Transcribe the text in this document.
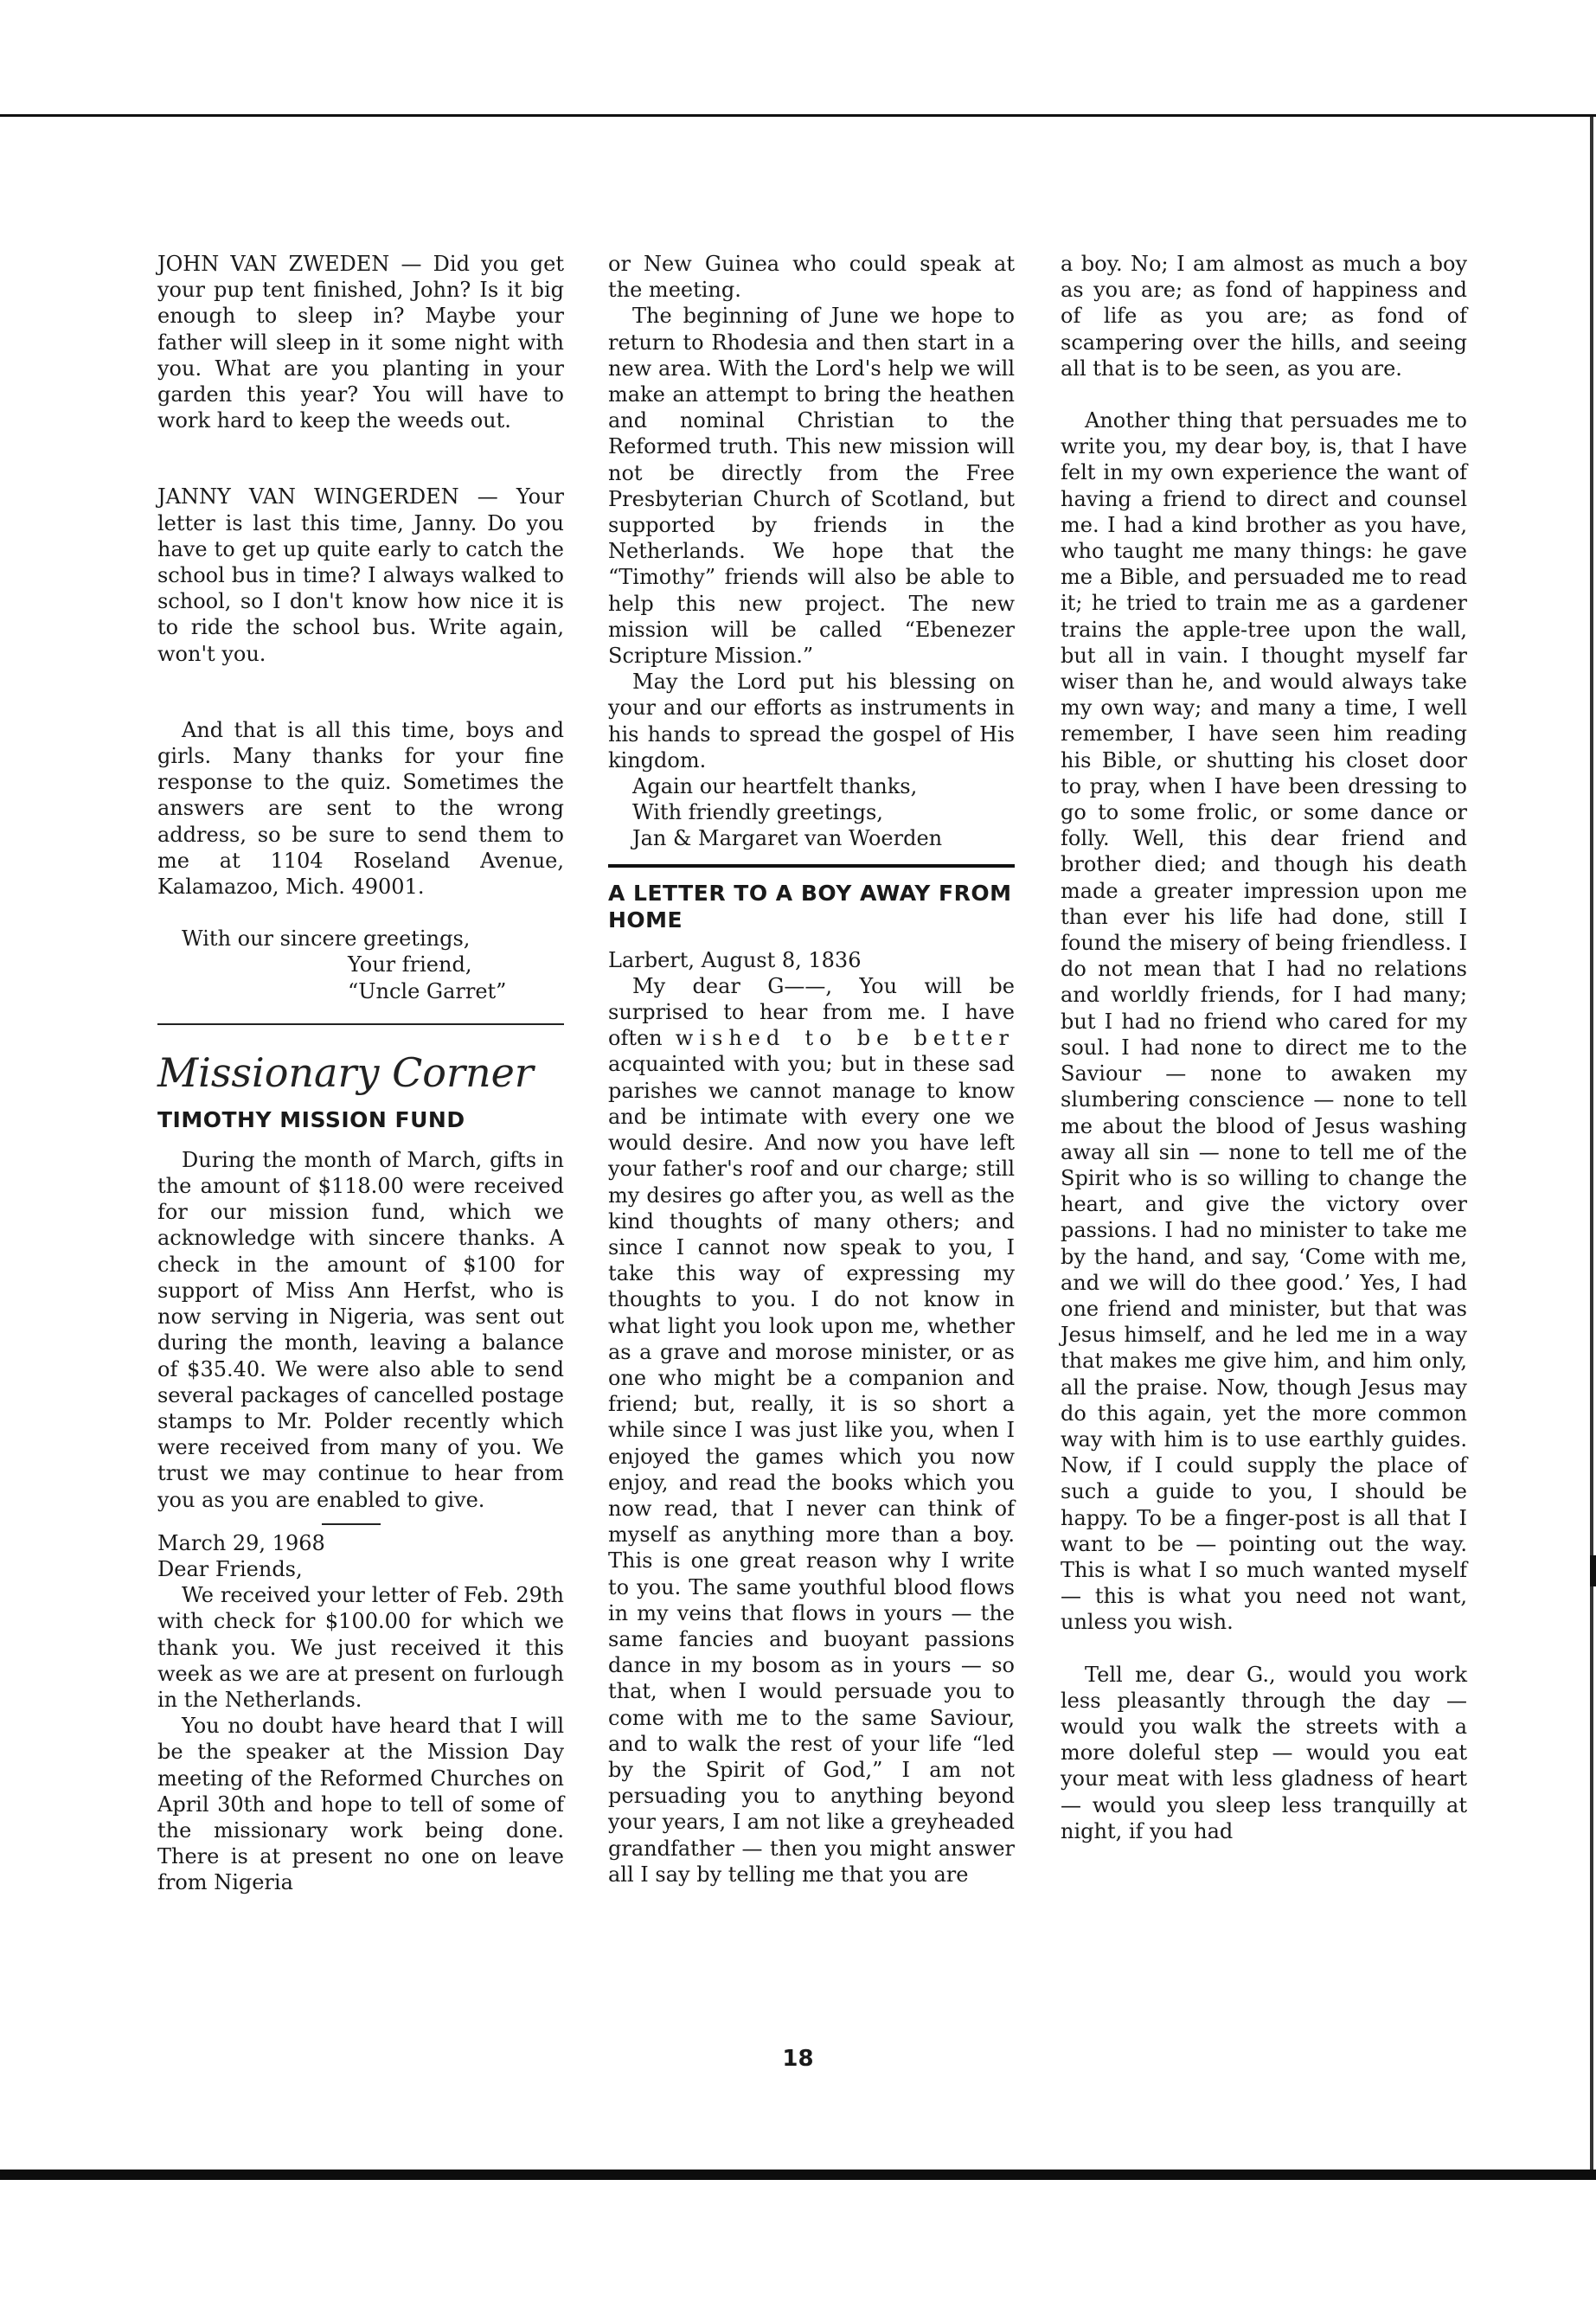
JOHN VAN ZWEDEN — Did you get your pup tent finished, John? Is it big enough to sleep in? Maybe your father will sleep in it some night with you. What are you planting in your garden this year? You will have to work hard to keep the weeds out.

JANNY VAN WINGERDEN — Your letter is last this time, Janny. Do you have to get up quite early to catch the school bus in time? I always walked to school, so I don't know how nice it is to ride the school bus. Write again, won't you.

And that is all this time, boys and girls. Many thanks for your fine response to the quiz. Sometimes the answers are sent to the wrong address, so be sure to send them to me at 1104 Roseland Avenue, Kalamazoo, Mich. 49001.

With our sincere greetings,

Your friend,

“Uncle Garret”

Missionary Corner
TIMOTHY MISSION FUND

During the month of March, gifts in the amount of $118.00 were received for our mission fund, which we acknowledge with sincere thanks. A check in the amount of $100 for support of Miss Ann Herfst, who is now serving in Nigeria, was sent out during the month, leaving a balance of $35.40. We were also able to send several packages of cancelled postage stamps to Mr. Polder recently which were received from many of you. We trust we may continue to hear from you as you are enabled to give.

March 29, 1968

Dear Friends,

We received your letter of Feb. 29th with check for $100.00 for which we thank you. We just received it this week as we are at present on furlough in the Netherlands.

You no doubt have heard that I will be the speaker at the Mission Day meeting of the Reformed Churches on April 30th and hope to tell of some of the missionary work being done. There is at present no one on leave from Nigeria

or New Guinea who could speak at the meeting.

The beginning of June we hope to return to Rhodesia and then start in a new area. With the Lord's help we will make an attempt to bring the heathen and nominal Christian to the Reformed truth. This new mission will not be directly from the Free Presbyterian Church of Scotland, but supported by friends in the Netherlands. We hope that the “Timothy” friends will also be able to help this new project. The new mission will be called “Ebenezer Scripture Mission.”

May the Lord put his blessing on your and our efforts as instruments in his hands to spread the gospel of His kingdom.

Again our heartfelt thanks,

With friendly greetings,

Jan & Margaret van Woerden

A LETTER TO A BOY AWAY FROM HOME

Larbert, August 8, 1836

My dear G——, You will be surprised to hear from me. I have often wished to be better acquainted with you; but in these sad parishes we cannot manage to know and be intimate with every one we would desire. And now you have left your father's roof and our charge; still my desires go after you, as well as the kind thoughts of many others; and since I cannot now speak to you, I take this way of expressing my thoughts to you. I do not know in what light you look upon me, whether as a grave and morose minister, or as one who might be a companion and friend; but, really, it is so short a while since I was just like you, when I enjoyed the games which you now enjoy, and read the books which you now read, that I never can think of myself as anything more than a boy. This is one great reason why I write to you. The same youthful blood flows in my veins that flows in yours — the same fancies and buoyant passions dance in my bosom as in yours — so that, when I would persuade you to come with me to the same Saviour, and to walk the rest of your life “led by the Spirit of God,” I am not persuading you to anything beyond your years, I am not like a greyheaded grandfather — then you might answer all I say by telling me that you are

a boy. No; I am almost as much a boy as you are; as fond of happiness and of life as you are; as fond of scampering over the hills, and seeing all that is to be seen, as you are.

Another thing that persuades me to write you, my dear boy, is, that I have felt in my own experience the want of having a friend to direct and counsel me. I had a kind brother as you have, who taught me many things: he gave me a Bible, and persuaded me to read it; he tried to train me as a gardener trains the apple-tree upon the wall, but all in vain. I thought myself far wiser than he, and would always take my own way; and many a time, I well remember, I have seen him reading his Bible, or shutting his closet door to pray, when I have been dressing to go to some frolic, or some dance or folly. Well, this dear friend and brother died; and though his death made a greater impression upon me than ever his life had done, still I found the misery of being friendless. I do not mean that I had no relations and worldly friends, for I had many; but I had no friend who cared for my soul. I had none to direct me to the Saviour — none to awaken my slumbering conscience — none to tell me about the blood of Jesus washing away all sin — none to tell me of the Spirit who is so willing to change the heart, and give the victory over passions. I had no minister to take me by the hand, and say, ‘Come with me, and we will do thee good.’ Yes, I had one friend and minister, but that was Jesus himself, and he led me in a way that makes me give him, and him only, all the praise. Now, though Jesus may do this again, yet the more common way with him is to use earthly guides. Now, if I could supply the place of such a guide to you, I should be happy. To be a finger-post is all that I want to be — pointing out the way. This is what I so much wanted myself — this is what you need not want, unless you wish.

Tell me, dear G., would you work less pleasantly through the day — would you walk the streets with a more doleful step — would you eat your meat with less gladness of heart — would you sleep less tranquilly at night, if you had

18
